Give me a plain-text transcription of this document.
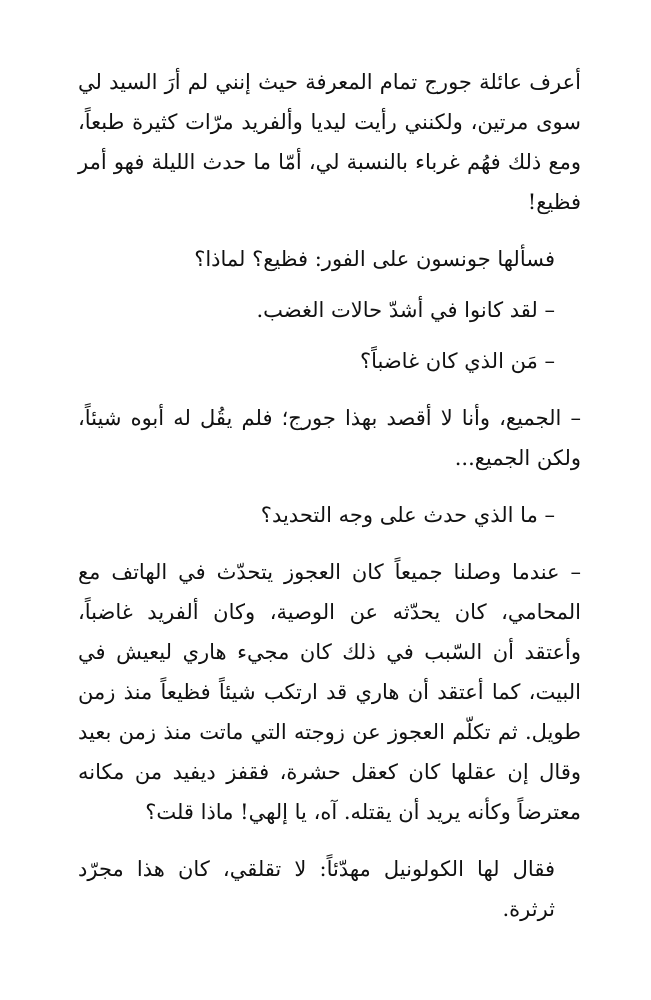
أعرف عائلة جورج تمام المعرفة حيث إنني لم أرَ السيد لي سوى مرتين، ولكنني رأيت ليديا وألفريد مرّات كثيرة طبعاً، ومع ذلك فهُم غرباء بالنسبة لي، أمّا ما حدث الليلة فهو أمر فظيع!

فسألها جونسون على الفور: فظيع؟ لماذا؟

– لقد كانوا في أشدّ حالات الغضب.

– مَن الذي كان غاضباً؟

– الجميع، وأنا لا أقصد بهذا جورج؛ فلم يقُل له أبوه شيئاً، ولكن الجميع...

– ما الذي حدث على وجه التحديد؟

– عندما وصلنا جميعاً كان العجوز يتحدّث في الهاتف مع المحامي، كان يحدّثه عن الوصية، وكان ألفريد غاضباً، وأعتقد أن السّبب في ذلك كان مجيء هاري ليعيش في البيت، كما أعتقد أن هاري قد ارتكب شيئاً فظيعاً منذ زمن طويل. ثم تكلّم العجوز عن زوجته التي ماتت منذ زمن بعيد وقال إن عقلها كان كعقل حشرة، فقفز ديفيد من مكانه معترضاً وكأنه يريد أن يقتله. آه، يا إلهي! ماذا قلت؟

فقال لها الكولونيل مهدّئاً: لا تقلقي، كان هذا مجرّد ثرثرة.
